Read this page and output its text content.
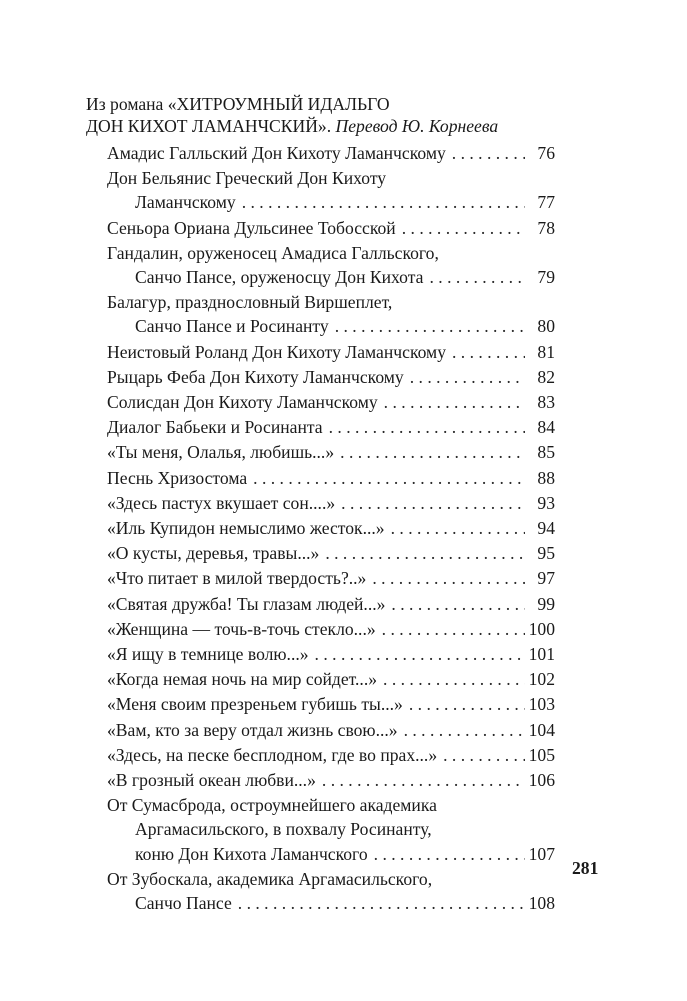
Из романа «ХИТРОУМНЫЙ ИДАЛЬГО
ДОН КИХОТ ЛАМАНЧСКИЙ». Перевод Ю. Корнеева
Амадис Галльский Дон Кихоту Ламанчскому . . .	76
Дон Бельянис Греческий Дон Кихоту
Ламанчскому . . .	77
Сеньора Ориана Дульсинее Тобосской . . .	78
Гандалин, оруженосец Амадиса Галльского,
Санчо Пансе, оруженосцу Дон Кихота . . .	79
Балагур, празднословный Виршеплет,
Санчо Пансе и Росинанту . . .	80
Неистовый Роланд Дон Кихоту Ламанчскому . . .	81
Рыцарь Феба Дон Кихоту Ламанчскому . . .	82
Солисдан Дон Кихоту Ламанчскому . . .	83
Диалог Бабьеки и Росинанта . . .	84
«Ты меня, Олалья, любишь...» . . .	85
Песнь Хризостома . . .	88
«Здесь пастух вкушает сон....» . . .	93
«Иль Купидон немыслимо жесток...» . . .	94
«О кусты, деревья, травы...» . . .	95
«Что питает в милой твердость?..» . . .	97
«Святая дружба! Ты глазам людей...» . . .	99
«Женщина — точь-в-точь стекло...» . . .	100
«Я ищу в темнице волю...» . . .	101
«Когда немая ночь на мир сойдет...» . . .	102
«Меня своим презреньем губишь ты...» . . .	103
«Вам, кто за веру отдал жизнь свою...» . . .	104
«Здесь, на песке бесплодном, где во прах...» . . .	105
«В грозный океан любви...» . . .	106
От Сумасброда, остроумнейшего академика
Аргамасильского, в похвалу Росинанту,
коню Дон Кихота Ламанчского . . .	107
От Зубоскала, академика Аргамасильского,
Санчо Пансе . . .	108
281
